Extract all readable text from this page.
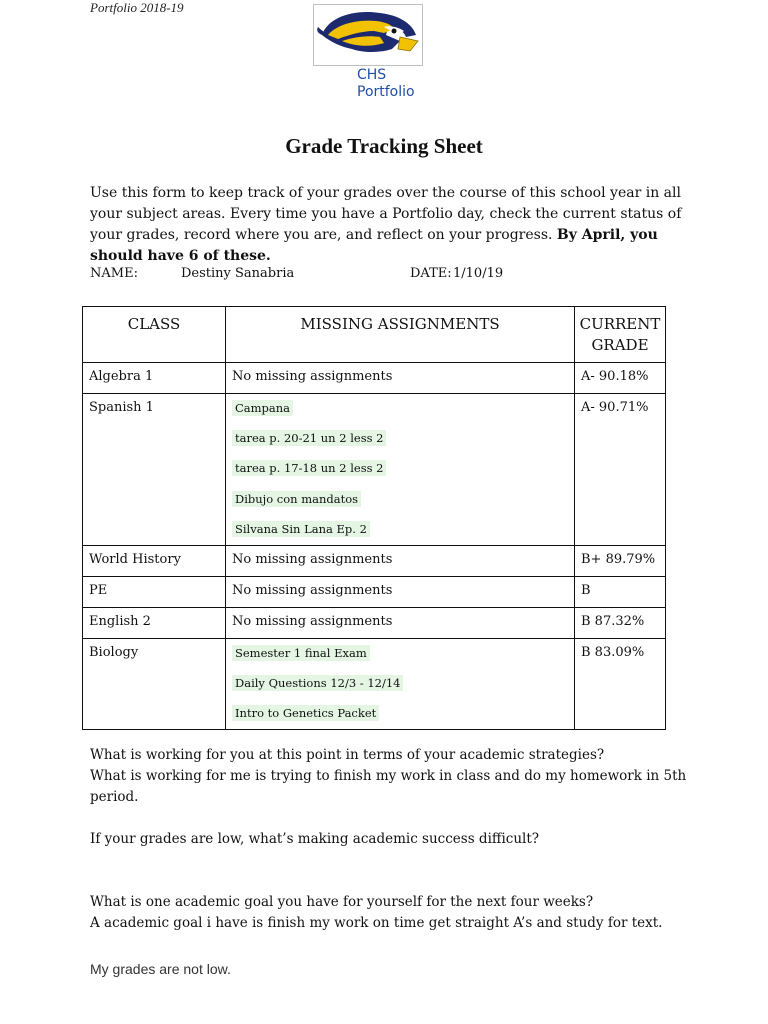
Portfolio 2018-19
CHS
Portfolio
Grade Tracking Sheet
Use this form to keep track of your grades over the course of this school year in all your subject areas. Every time you have a Portfolio day, check the current status of your grades, record where you are, and reflect on your progress. By April, you should have 6 of these.
NAME:	Destiny Sanabria	DATE: 1/10/19
CLASS	MISSING ASSIGNMENTS	CURRENT
GRADE

Algebra 1	No missing assignments	A- 90.18%
Spanish 1	Campana
tarea p. 20-21 un 2 less 2
tarea p. 17-18 un 2 less 2
Dibujo con mandatos
Silvana Sin Lana Ep. 2	A- 90.71%
World History	No missing assignments	B+ 89.79%
PE	No missing assignments	B
English 2	No missing assignments	B 87.32%
Biology	Semester 1 final Exam
Daily Questions 12/3 - 12/14
Intro to Genetics Packet	B 83.09%
What is working for you at this point in terms of your academic strategies?
What is working for me is trying to finish my work in class and do my homework in 5th period.
If your grades are low, what’s making academic success difficult?
What is one academic goal you have for yourself for the next four weeks?
A academic goal i have is finish my work on time get straight A’s and study for text.
My grades are not low.
